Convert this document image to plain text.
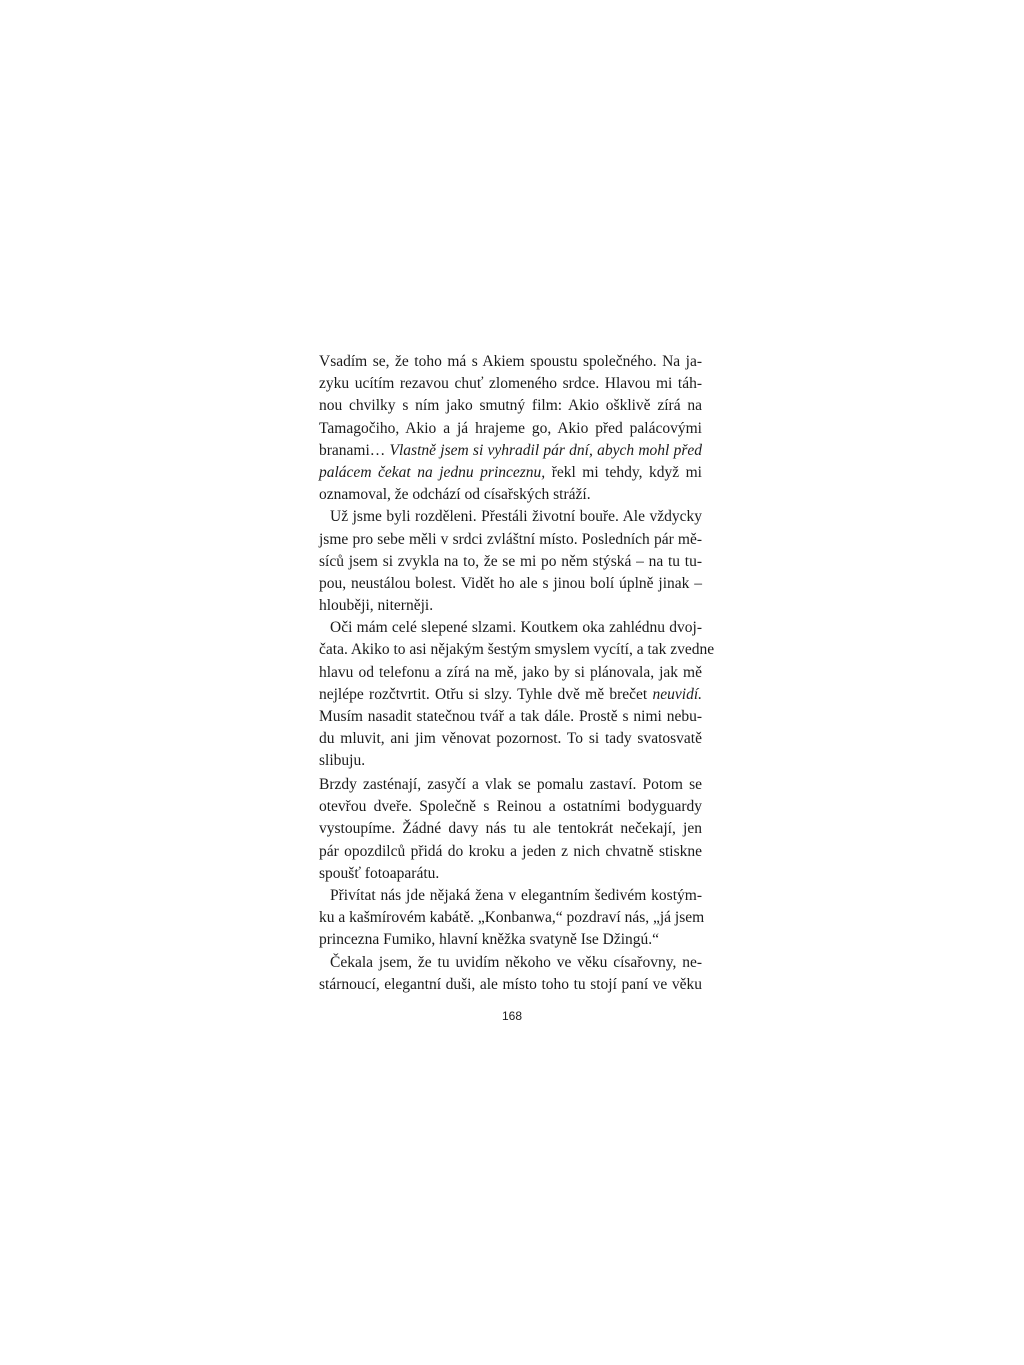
Vsadím se, že toho má s Akiem spoustu společného. Na ja-
zyku ucítím rezavou chuť zlomeného srdce. Hlavou mi táh-
nou chvilky s ním jako smutný film: Akio ošklivě zírá na
Tamagočiho, Akio a já hrajeme go, Akio před palácovými
branami… Vlastně jsem si vyhradil pár dní, abych mohl před
palácem čekat na jednu princeznu, řekl mi tehdy, když mi
oznamoval, že odchází od císařských stráží.
Už jsme byli rozděleni. Přestáli životní bouře. Ale vždycky
jsme pro sebe měli v srdci zvláštní místo. Posledních pár mě-
síců jsem si zvykla na to, že se mi po něm stýská – na tu tu-
pou, neustálou bolest. Vidět ho ale s jinou bolí úplně jinak –
hlouběji, niterněji.
Oči mám celé slepené slzami. Koutkem oka zahlédnu dvoj-
čata. Akiko to asi nějakým šestým smyslem vycítí, a tak zvedne
hlavu od telefonu a zírá na mě, jako by si plánovala, jak mě
nejlépe rozčtvrtit. Otřu si slzy. Tyhle dvě mě brečet neuvidí.
Musím nasadit statečnou tvář a tak dále. Prostě s nimi nebu-
du mluvit, ani jim věnovat pozornost. To si tady svatosvatě
slibuju.
Brzdy zasténají, zasyčí a vlak se pomalu zastaví. Potom se
otevřou dveře. Společně s Reinou a ostatními bodyguardy
vystoupíme. Žádné davy nás tu ale tentokrát nečekají, jen
pár opozdilců přidá do kroku a jeden z nich chvatně stiskne
spoušť fotoaparátu.
Přivítat nás jde nějaká žena v elegantním šedivém kostým-
ku a kašmírovém kabátě. „Konbanwa,“ pozdraví nás, „já jsem
princezna Fumiko, hlavní kněžka svatyně Ise Džingú.“
Čekala jsem, že tu uvidím někoho ve věku císařovny, ne-
stárnoucí, elegantní duši, ale místo toho tu stojí paní ve věku
168
